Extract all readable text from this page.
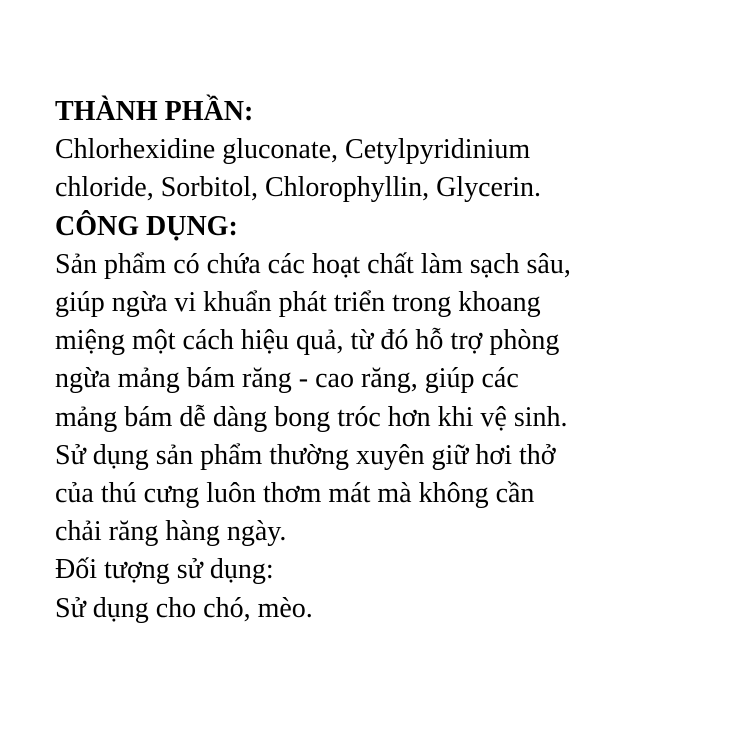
THÀNH PHẦN:
Chlorhexidine gluconate, Cetylpyridinium
chloride, Sorbitol, Chlorophyllin, Glycerin.
CÔNG DỤNG:
Sản phẩm có chứa các hoạt chất làm sạch sâu,
giúp ngừa vi khuẩn phát triển trong khoang
miệng một cách hiệu quả, từ đó hỗ trợ phòng
ngừa mảng bám răng - cao răng, giúp các
mảng bám dễ dàng bong tróc hơn khi vệ sinh.
Sử dụng sản phẩm thường xuyên giữ hơi thở
của thú cưng luôn thơm mát mà không cần
chải răng hàng ngày.
Đối tượng sử dụng:
Sử dụng cho chó, mèo.
